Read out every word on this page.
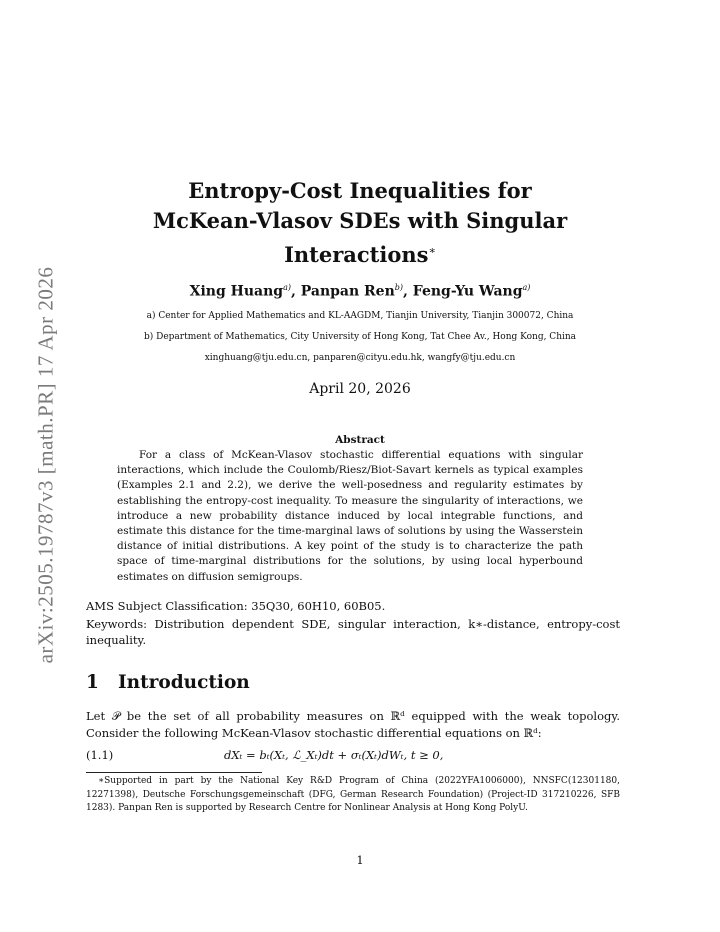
arXiv:2505.19787v3 [math.PR] 17 Apr 2026
Entropy-Cost Inequalities for
McKean-Vlasov SDEs with Singular
Interactions∗
Xing Huang$^{a)}$, Panpan Ren$^{b)}$, Feng-Yu Wang$^{a)}$
a) Center for Applied Mathematics and KL-AAGDM, Tianjin University, Tianjin 300072, China
b) Department of Mathematics, City University of Hong Kong, Tat Chee Av., Hong Kong, China
xinghuang@tju.edu.cn, panparen@cityu.edu.hk, wangfy@tju.edu.cn
April 20, 2026
Abstract
For a class of McKean-Vlasov stochastic differential equations with singular interactions, which include the Coulomb/Riesz/Biot-Savart kernels as typical examples (Examples 2.1 and 2.2), we derive the well-posedness and regularity estimates by establishing the entropy-cost inequality. To measure the singularity of interactions, we introduce a new probability distance induced by local integrable functions, and estimate this distance for the time-marginal laws of solutions by using the Wasserstein distance of initial distributions. A key point of the study is to characterize the path space of time-marginal distributions for the solutions, by using local hyperbound estimates on diffusion semigroups.
AMS Subject Classification: 35Q30, 60H10, 60B05.
Keywords: Distribution dependent SDE, singular interaction, k∗-distance, entropy-cost inequality.
1 Introduction
Let 𝒫 be the set of all probability measures on ℝᵈ equipped with the weak topology. Consider the following McKean-Vlasov stochastic differential equations on ℝᵈ:
(1.1)	dXₜ = bₜ(Xₜ, ℒ_Xₜ)dt + σₜ(Xₜ)dWₜ, t ≥ 0,
∗Supported in part by the National Key R&D Program of China (2022YFA1006000), NNSFC(12301180, 12271398), Deutsche Forschungsgemeinschaft (DFG, German Research Foundation) (Project-ID 317210226, SFB 1283). Panpan Ren is supported by Research Centre for Nonlinear Analysis at Hong Kong PolyU.
1
